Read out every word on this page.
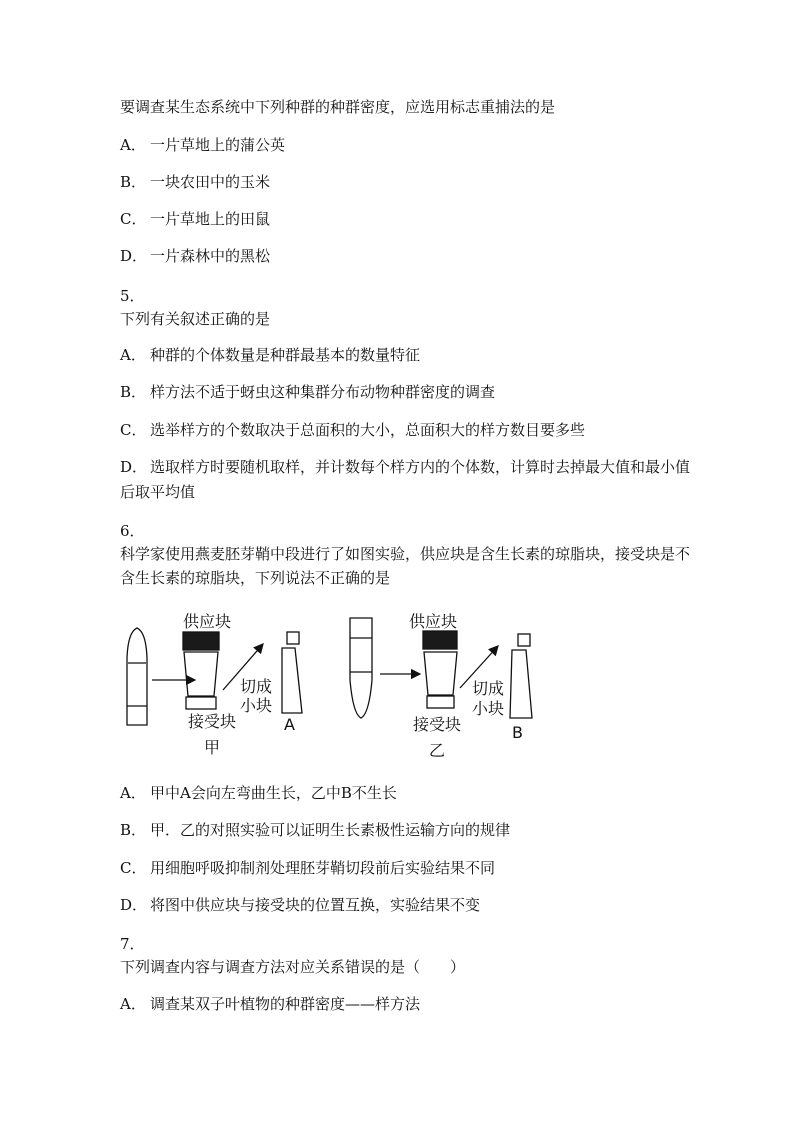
要调查某生态系统中下列种群的种群密度，应选用标志重捕法的是
A． 一片草地上的蒲公英
B． 一块农田中的玉米
C． 一片草地上的田鼠
D． 一片森林中的黑松
5．
下列有关叙述正确的是
A． 种群的个体数量是种群最基本的数量特征
B． 样方法不适于蚜虫这种集群分布动物种群密度的调查
C． 选举样方的个数取决于总面积的大小，总面积大的样方数目要多些
D． 选取样方时要随机取样，并计数每个样方内的个体数，计算时去掉最大值和最小值
后取平均值
6．
科学家使用燕麦胚芽鞘中段进行了如图实验，供应块是含生长素的琼脂块，接受块是不
含生长素的琼脂块，下列说法不正确的是
供应块
切成
小块
接受块
甲
A
供应块
切成
小块
接受块
乙
B
A． 甲中A会向左弯曲生长，乙中B不生长
B． 甲．乙的对照实验可以证明生长素极性运输方向的规律
C． 用细胞呼吸抑制剂处理胚芽鞘切段前后实验结果不同
D． 将图中供应块与接受块的位置互换，实验结果不变
7．
下列调查内容与调查方法对应关系错误的是（　　）
A． 调查某双子叶植物的种群密度——样方法
